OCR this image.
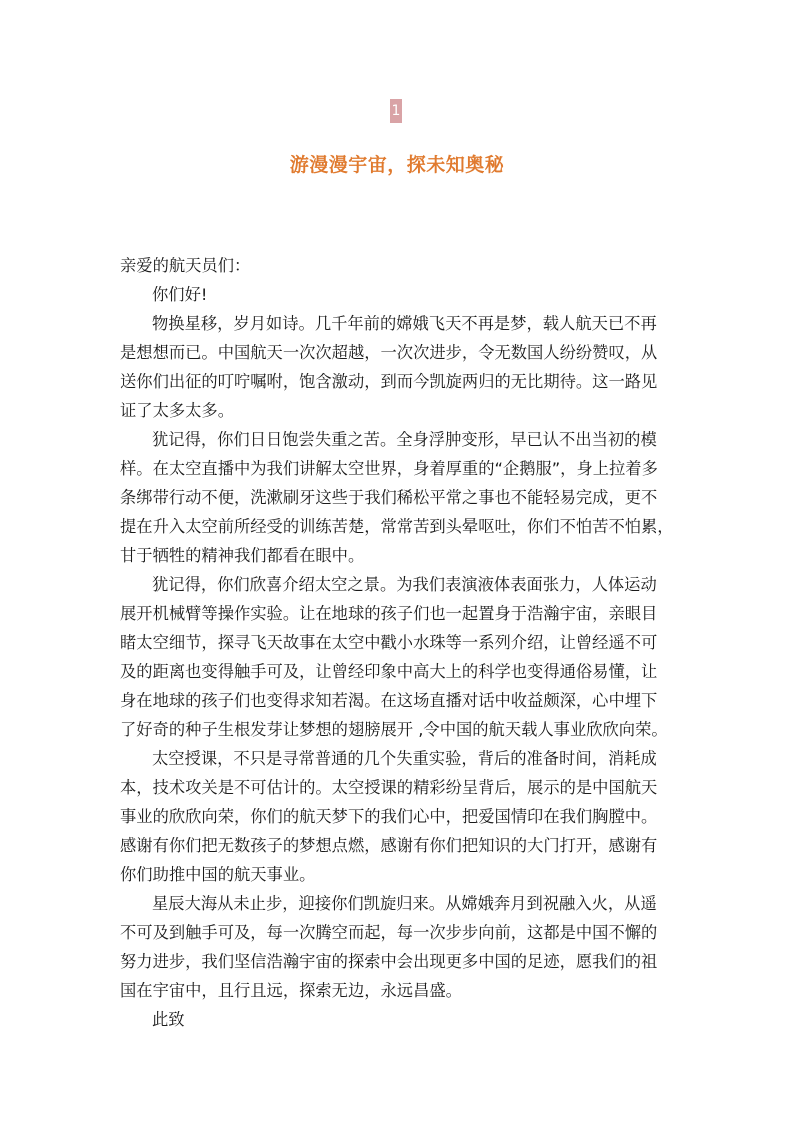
1
游漫漫宇宙，探未知奥秘
亲爱的航天员们：
你们好!
物换星移，岁月如诗。几千年前的嫦娥飞天不再是梦，载人航天已不再
是想想而已。中国航天一次次超越，一次次进步，令无数国人纷纷赞叹，从
送你们出征的叮咛嘱咐，饱含激动，到而今凯旋两归的无比期待。这一路见
证了太多太多。
犹记得，你们日日饱尝失重之苦。全身浮肿变形，早已认不出当初的模
样。在太空直播中为我们讲解太空世界，身着厚重的“企鹅服”，身上拉着多
条绑带行动不便，洗漱刷牙这些于我们稀松平常之事也不能轻易完成，更不
提在升入太空前所经受的训练苦楚，常常苦到头晕呕吐，你们不怕苦不怕累，
甘于牺牲的精神我们都看在眼中。
犹记得，你们欣喜介绍太空之景。为我们表演液体表面张力，人体运动
展开机械臂等操作实验。让在地球的孩子们也一起置身于浩瀚宇宙，亲眼目
睹太空细节，探寻飞天故事在太空中戳小水珠等一系列介绍，让曾经遥不可
及的距离也变得触手可及，让曾经印象中高大上的科学也变得通俗易懂，让
身在地球的孩子们也变得求知若渴。在这场直播对话中收益颇深，心中埋下
了好奇的种子生根发芽让梦想的翅膀展开 ,令中国的航天载人事业欣欣向荣。
太空授课，不只是寻常普通的几个失重实验，背后的准备时间，消耗成
本，技术攻关是不可估计的。太空授课的精彩纷呈背后，展示的是中国航天
事业的欣欣向荣，你们的航天梦下的我们心中，把爱国情印在我们胸膛中。
感谢有你们把无数孩子的梦想点燃，感谢有你们把知识的大门打开，感谢有
你们助推中国的航天事业。
星辰大海从未止步，迎接你们凯旋归来。从嫦娥奔月到祝融入火，从遥
不可及到触手可及，每一次腾空而起，每一次步步向前，这都是中国不懈的
努力进步，我们坚信浩瀚宇宙的探索中会出现更多中国的足迹，愿我们的祖
国在宇宙中，且行且远，探索无边，永远昌盛。
此致
